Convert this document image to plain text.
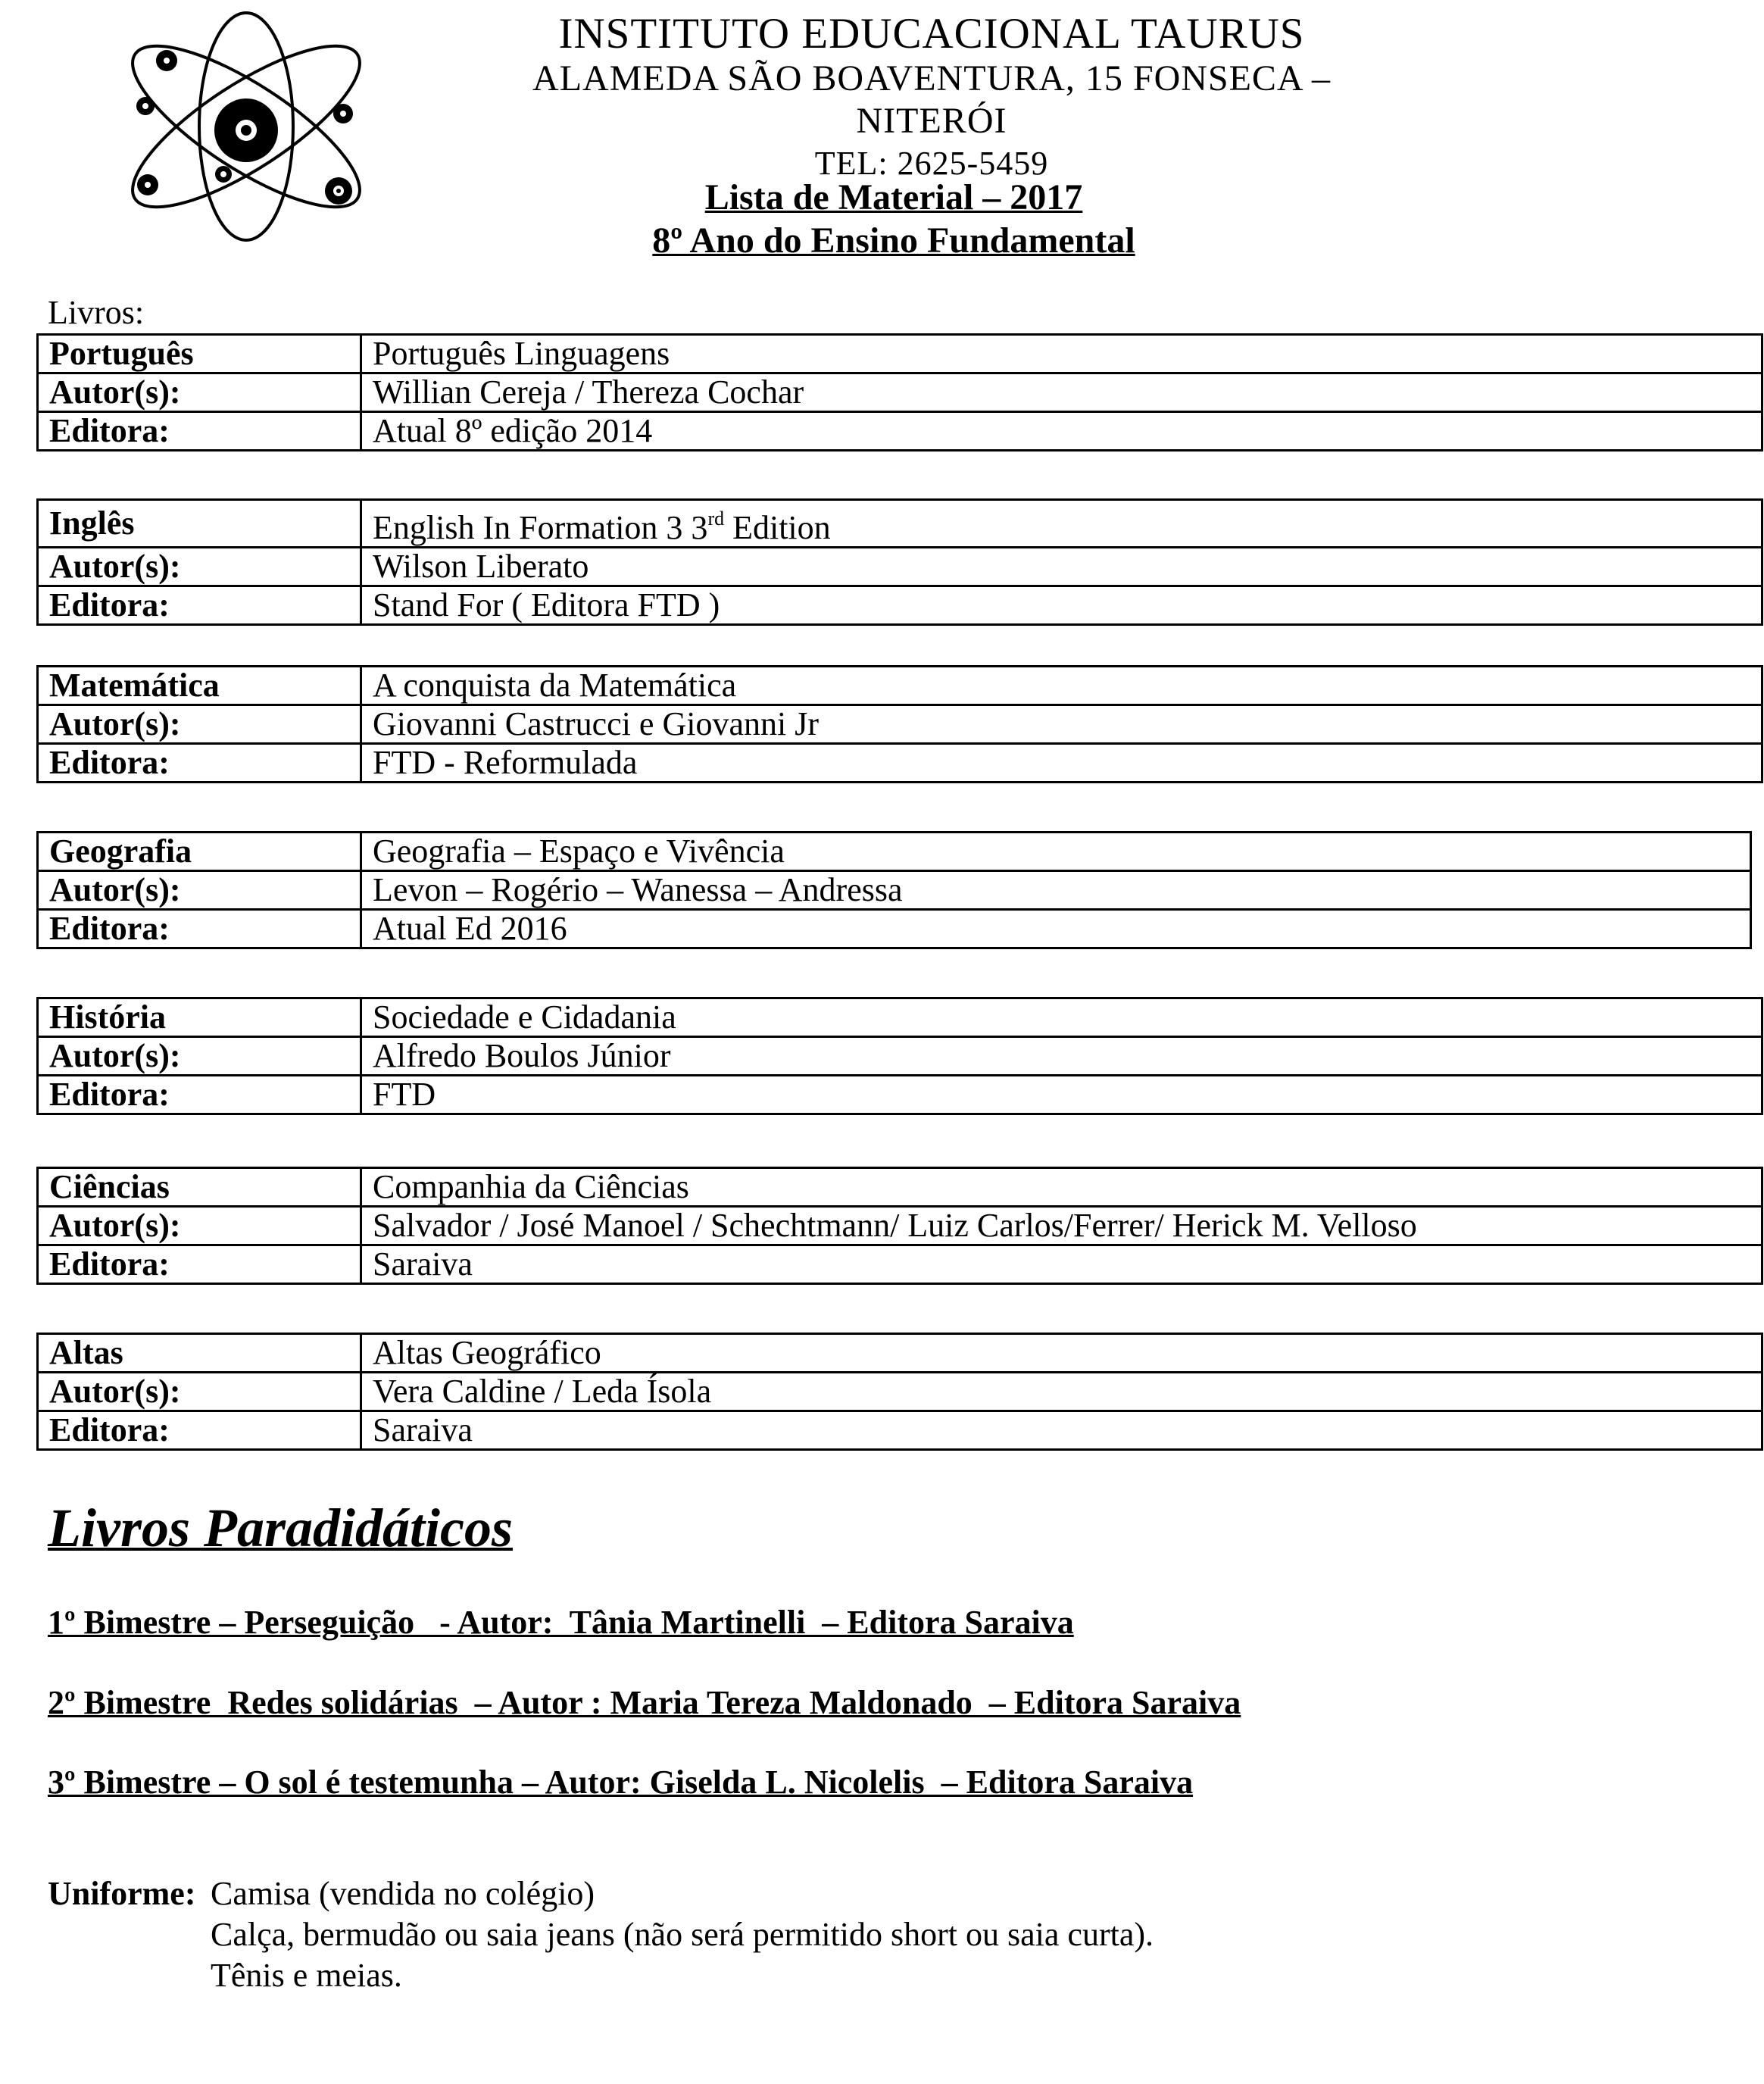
INSTITUTO EDUCACIONAL TAURUS
ALAMEDA SÃO BOAVENTURA, 15 FONSECA – NITERÓI
TEL: 2625-5459
Lista de Material – 2017
8º Ano do Ensino Fundamental
Livros:
Português	Português Linguagens
Autor(s):	Willian Cereja / Thereza Cochar
Editora:	Atual 8º edição 2014
Inglês	English In Formation 3 3rd Edition
Autor(s):	Wilson Liberato
Editora:	Stand For ( Editora FTD )
Matemática	A conquista da Matemática
Autor(s):	Giovanni Castrucci e Giovanni Jr
Editora:	FTD - Reformulada
Geografia	Geografia – Espaço e Vivência
Autor(s):	Levon – Rogério – Wanessa – Andressa
Editora:	Atual Ed 2016
História	Sociedade e Cidadania
Autor(s):	Alfredo Boulos Júnior
Editora:	FTD
Ciências	Companhia da Ciências
Autor(s):	Salvador / José Manoel / Schechtmann/ Luiz Carlos/Ferrer/ Herick M. Velloso
Editora:	Saraiva
Altas	Altas Geográfico
Autor(s):	Vera Caldine / Leda Ísola
Editora:	Saraiva
Livros Paradidáticos
1º Bimestre – Perseguição   - Autor:  Tânia Martinelli  – Editora Saraiva
2º Bimestre  Redes solidárias  – Autor : Maria Tereza Maldonado  – Editora Saraiva
3º Bimestre – O sol é testemunha – Autor: Giselda L. Nicolelis  – Editora Saraiva
Uniforme: Camisa (vendida no colégio)
Calça, bermudão ou saia jeans (não será permitido short ou saia curta).
Tênis e meias.
